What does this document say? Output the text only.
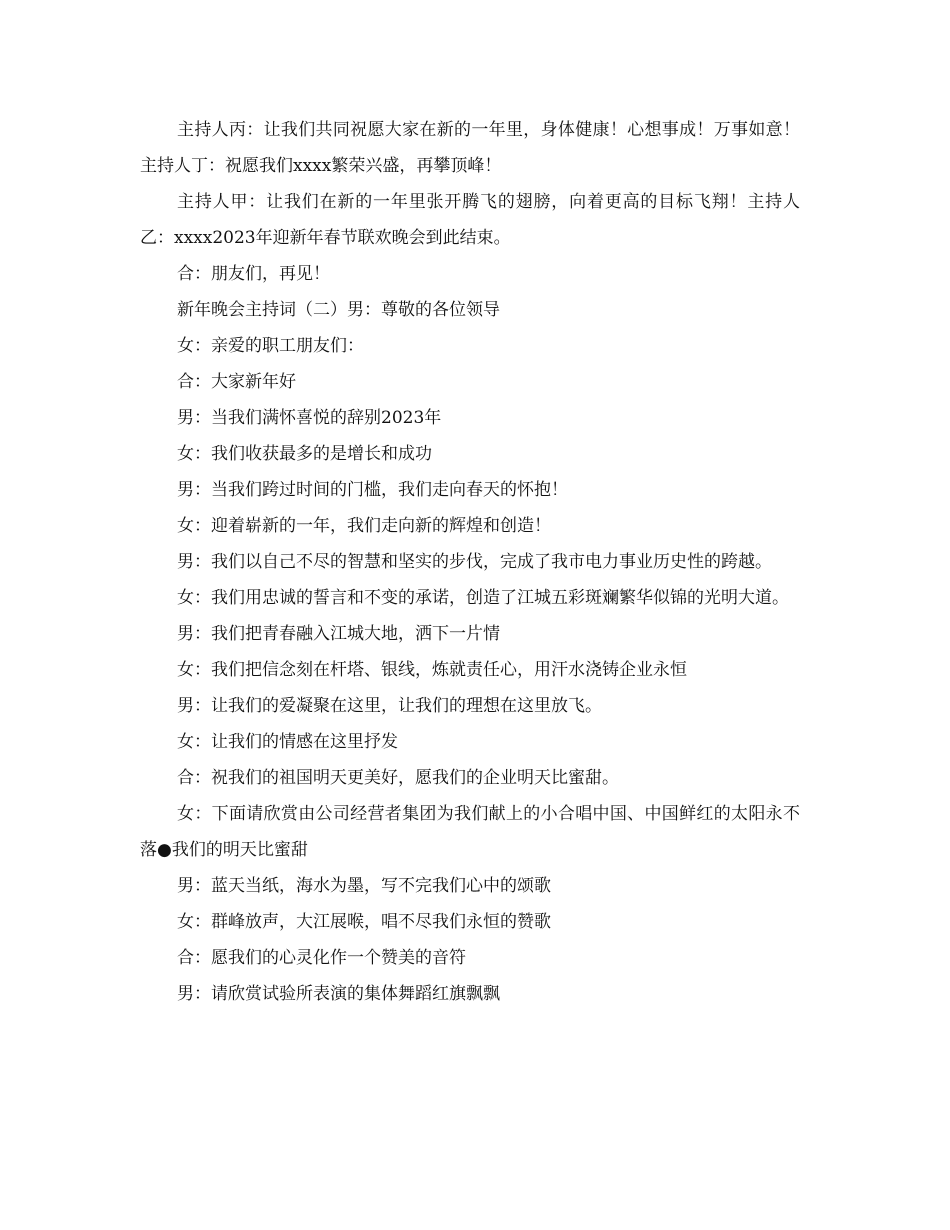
主持人丙：让我们共同祝愿大家在新的一年里，身体健康！心想事成！万事如意！主持人丁：祝愿我们xxxx繁荣兴盛，再攀顶峰！

主持人甲：让我们在新的一年里张开腾飞的翅膀，向着更高的目标飞翔！主持人乙：xxxx2023年迎新年春节联欢晚会到此结束。

合：朋友们，再见！

新年晚会主持词（二）男：尊敬的各位领导

女：亲爱的职工朋友们：

合：大家新年好

男：当我们满怀喜悦的辞别2023年

女：我们收获最多的是增长和成功

男：当我们跨过时间的门槛，我们走向春天的怀抱！

女：迎着崭新的一年，我们走向新的辉煌和创造！

男：我们以自己不尽的智慧和坚实的步伐，完成了我市电力事业历史性的跨越。

女：我们用忠诚的誓言和不变的承诺，创造了江城五彩斑斓繁华似锦的光明大道。

男：我们把青春融入江城大地，洒下一片情

女：我们把信念刻在杆塔、银线，炼就责任心，用汗水浇铸企业永恒

男：让我们的爱凝聚在这里，让我们的理想在这里放飞。

女：让我们的情感在这里抒发

合：祝我们的祖国明天更美好，愿我们的企业明天比蜜甜。

女：下面请欣赏由公司经营者集团为我们献上的小合唱中国、中国鲜红的太阳永不落●我们的明天比蜜甜

男：蓝天当纸，海水为墨，写不完我们心中的颂歌

女：群峰放声，大江展喉，唱不尽我们永恒的赞歌

合：愿我们的心灵化作一个赞美的音符

男：请欣赏试验所表演的集体舞蹈红旗飘飘
